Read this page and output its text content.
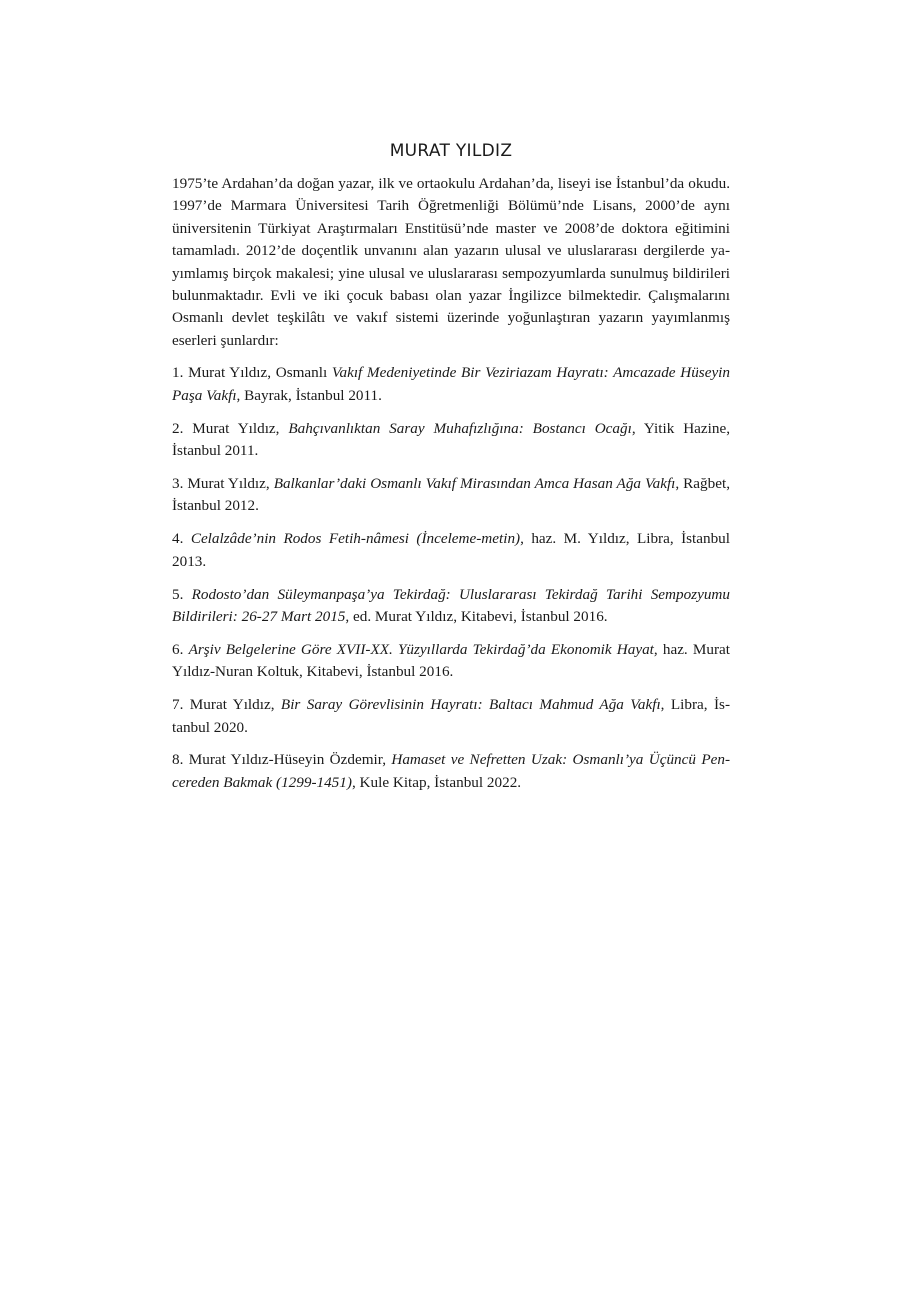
MURAT YILDIZ

1975’te Ardahan’da doğan yazar, ilk ve ortaokulu Ardahan’da, liseyi ise İstanbul’da okudu. 1997’de Marmara Üniversitesi Tarih Öğretmenliği Bölümü’nde Lisans, 2000’de aynı üniversitenin Türkiyat Araştırmaları Enstitüsü’nde master ve 2008’de doktora eğitimini tamamladı. 2012’de doçentlik unvanını alan yazarın ulusal ve uluslararası dergilerde yayımlamış birçok makalesi; yine ulusal ve uluslararası sempozyumlarda sunulmuş bildirileri bulunmaktadır. Evli ve iki çocuk babası olan yazar İngilizce bilmektedir. Çalışmalarını Osmanlı devlet teşkilâtı ve vakıf sistemi üzerinde yoğunlaştıran yazarın yayımlanmış eserleri şunlardır:

1. Murat Yıldız, Osmanlı Vakıf Medeniyetinde Bir Veziriazam Hayratı: Amcazade Hüseyin Paşa Vakfı, Bayrak, İstanbul 2011.
2. Murat Yıldız, Bahçıvanlıktan Saray Muhafızlığına: Bostancı Ocağı, Yitik Hazine, İstanbul 2011.
3. Murat Yıldız, Balkanlar’daki Osmanlı Vakıf Mirasından Amca Hasan Ağa Vakfı, Rağbet, İstanbul 2012.
4. Celalzâde’nin Rodos Fetih-nâmesi (İnceleme-metin), haz. M. Yıldız, Libra, İstanbul 2013.
5. Rodosto’dan Süleymanpaşa’ya Tekirdağ: Uluslararası Tekirdağ Tarihi Sempozyumu Bildirileri: 26-27 Mart 2015, ed. Murat Yıldız, Kitabevi, İstanbul 2016.
6. Arşiv Belgelerine Göre XVII-XX. Yüzyıllarda Tekirdağ’da Ekonomik Hayat, haz. Murat Yıldız-Nuran Koltuk, Kitabevi, İstanbul 2016.
7. Murat Yıldız, Bir Saray Görevlisinin Hayratı: Baltacı Mahmud Ağa Vakfı, Libra, İstanbul 2020.
8. Murat Yıldız-Hüseyin Özdemir, Hamaset ve Nefretten Uzak: Osmanlı’ya Üçüncü Pencereden Bakmak (1299-1451), Kule Kitap, İstanbul 2022.
